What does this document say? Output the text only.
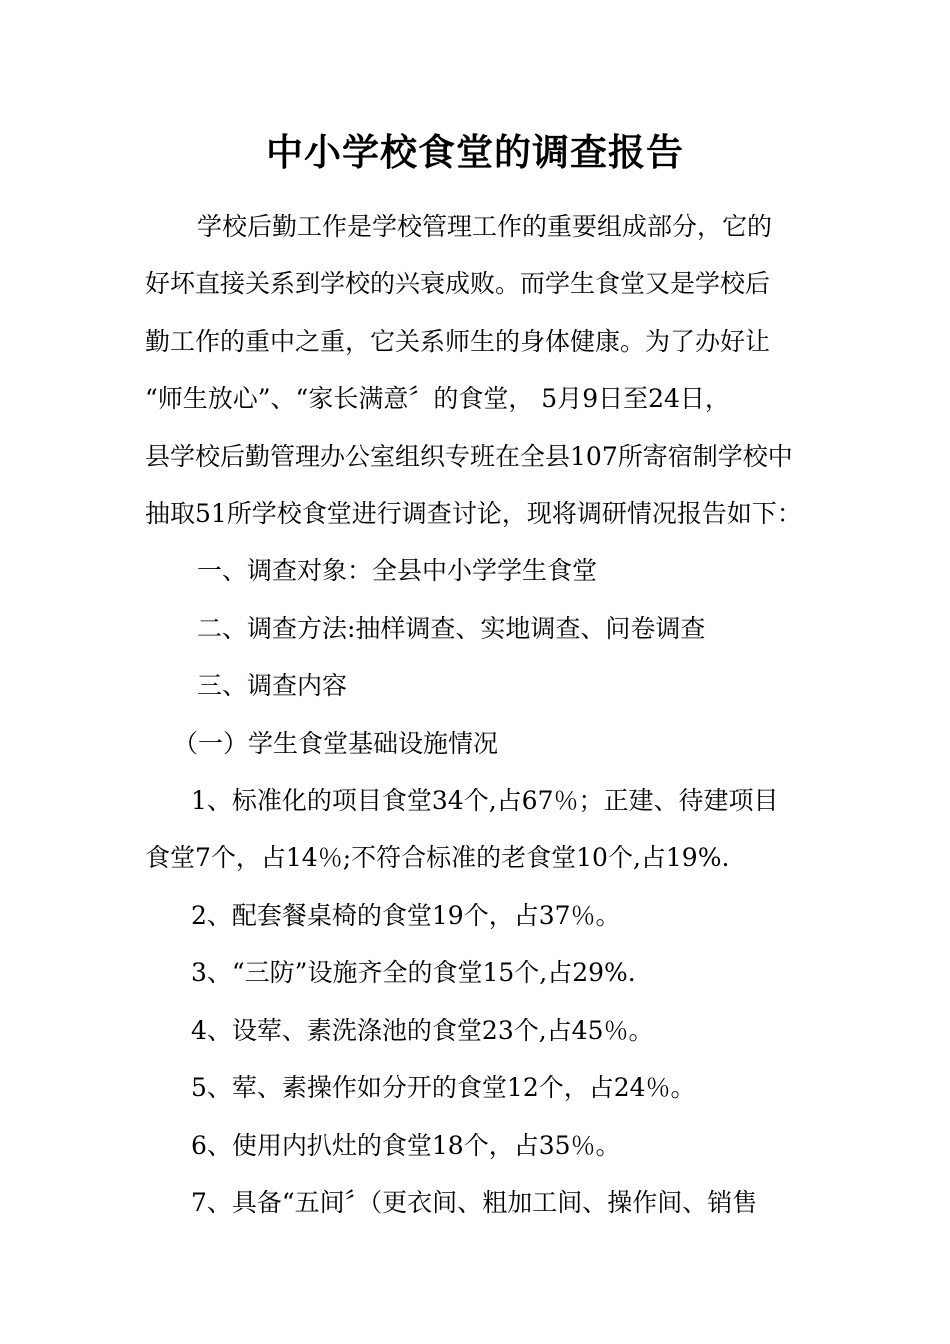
中小学校食堂的调查报告

学校后勤工作是学校管理工作的重要组成部分，它的

好坏直接关系到学校的兴衰成败。而学生食堂又是学校后

勤工作的重中之重，它关系师生的身体健康。为了办好让

“师生放心”、“家长满意〞的食堂， 5月9日至24日，

县学校后勤管理办公室组织专班在全县107所寄宿制学校中

抽取51所学校食堂进行调查讨论，现将调研情况报告如下：

一、调查对象：全县中小学学生食堂

二、调查方法:抽样调查、实地调查、问卷调查

三、调查内容

（一）学生食堂基础设施情况

1、标准化的项目食堂34个,占67％；正建、待建项目

食堂7个，占14％;不符合标准的老食堂10个,占19%.

2、配套餐桌椅的食堂19个，占37％。

3、“三防”设施齐全的食堂15个,占29%.

4、设荤、素洗涤池的食堂23个,占45％。

5、荤、素操作如分开的食堂12个，占24％。

6、使用内扒灶的食堂18个，占35％。

7、具备“五间〞（更衣间、粗加工间、操作间、销售
